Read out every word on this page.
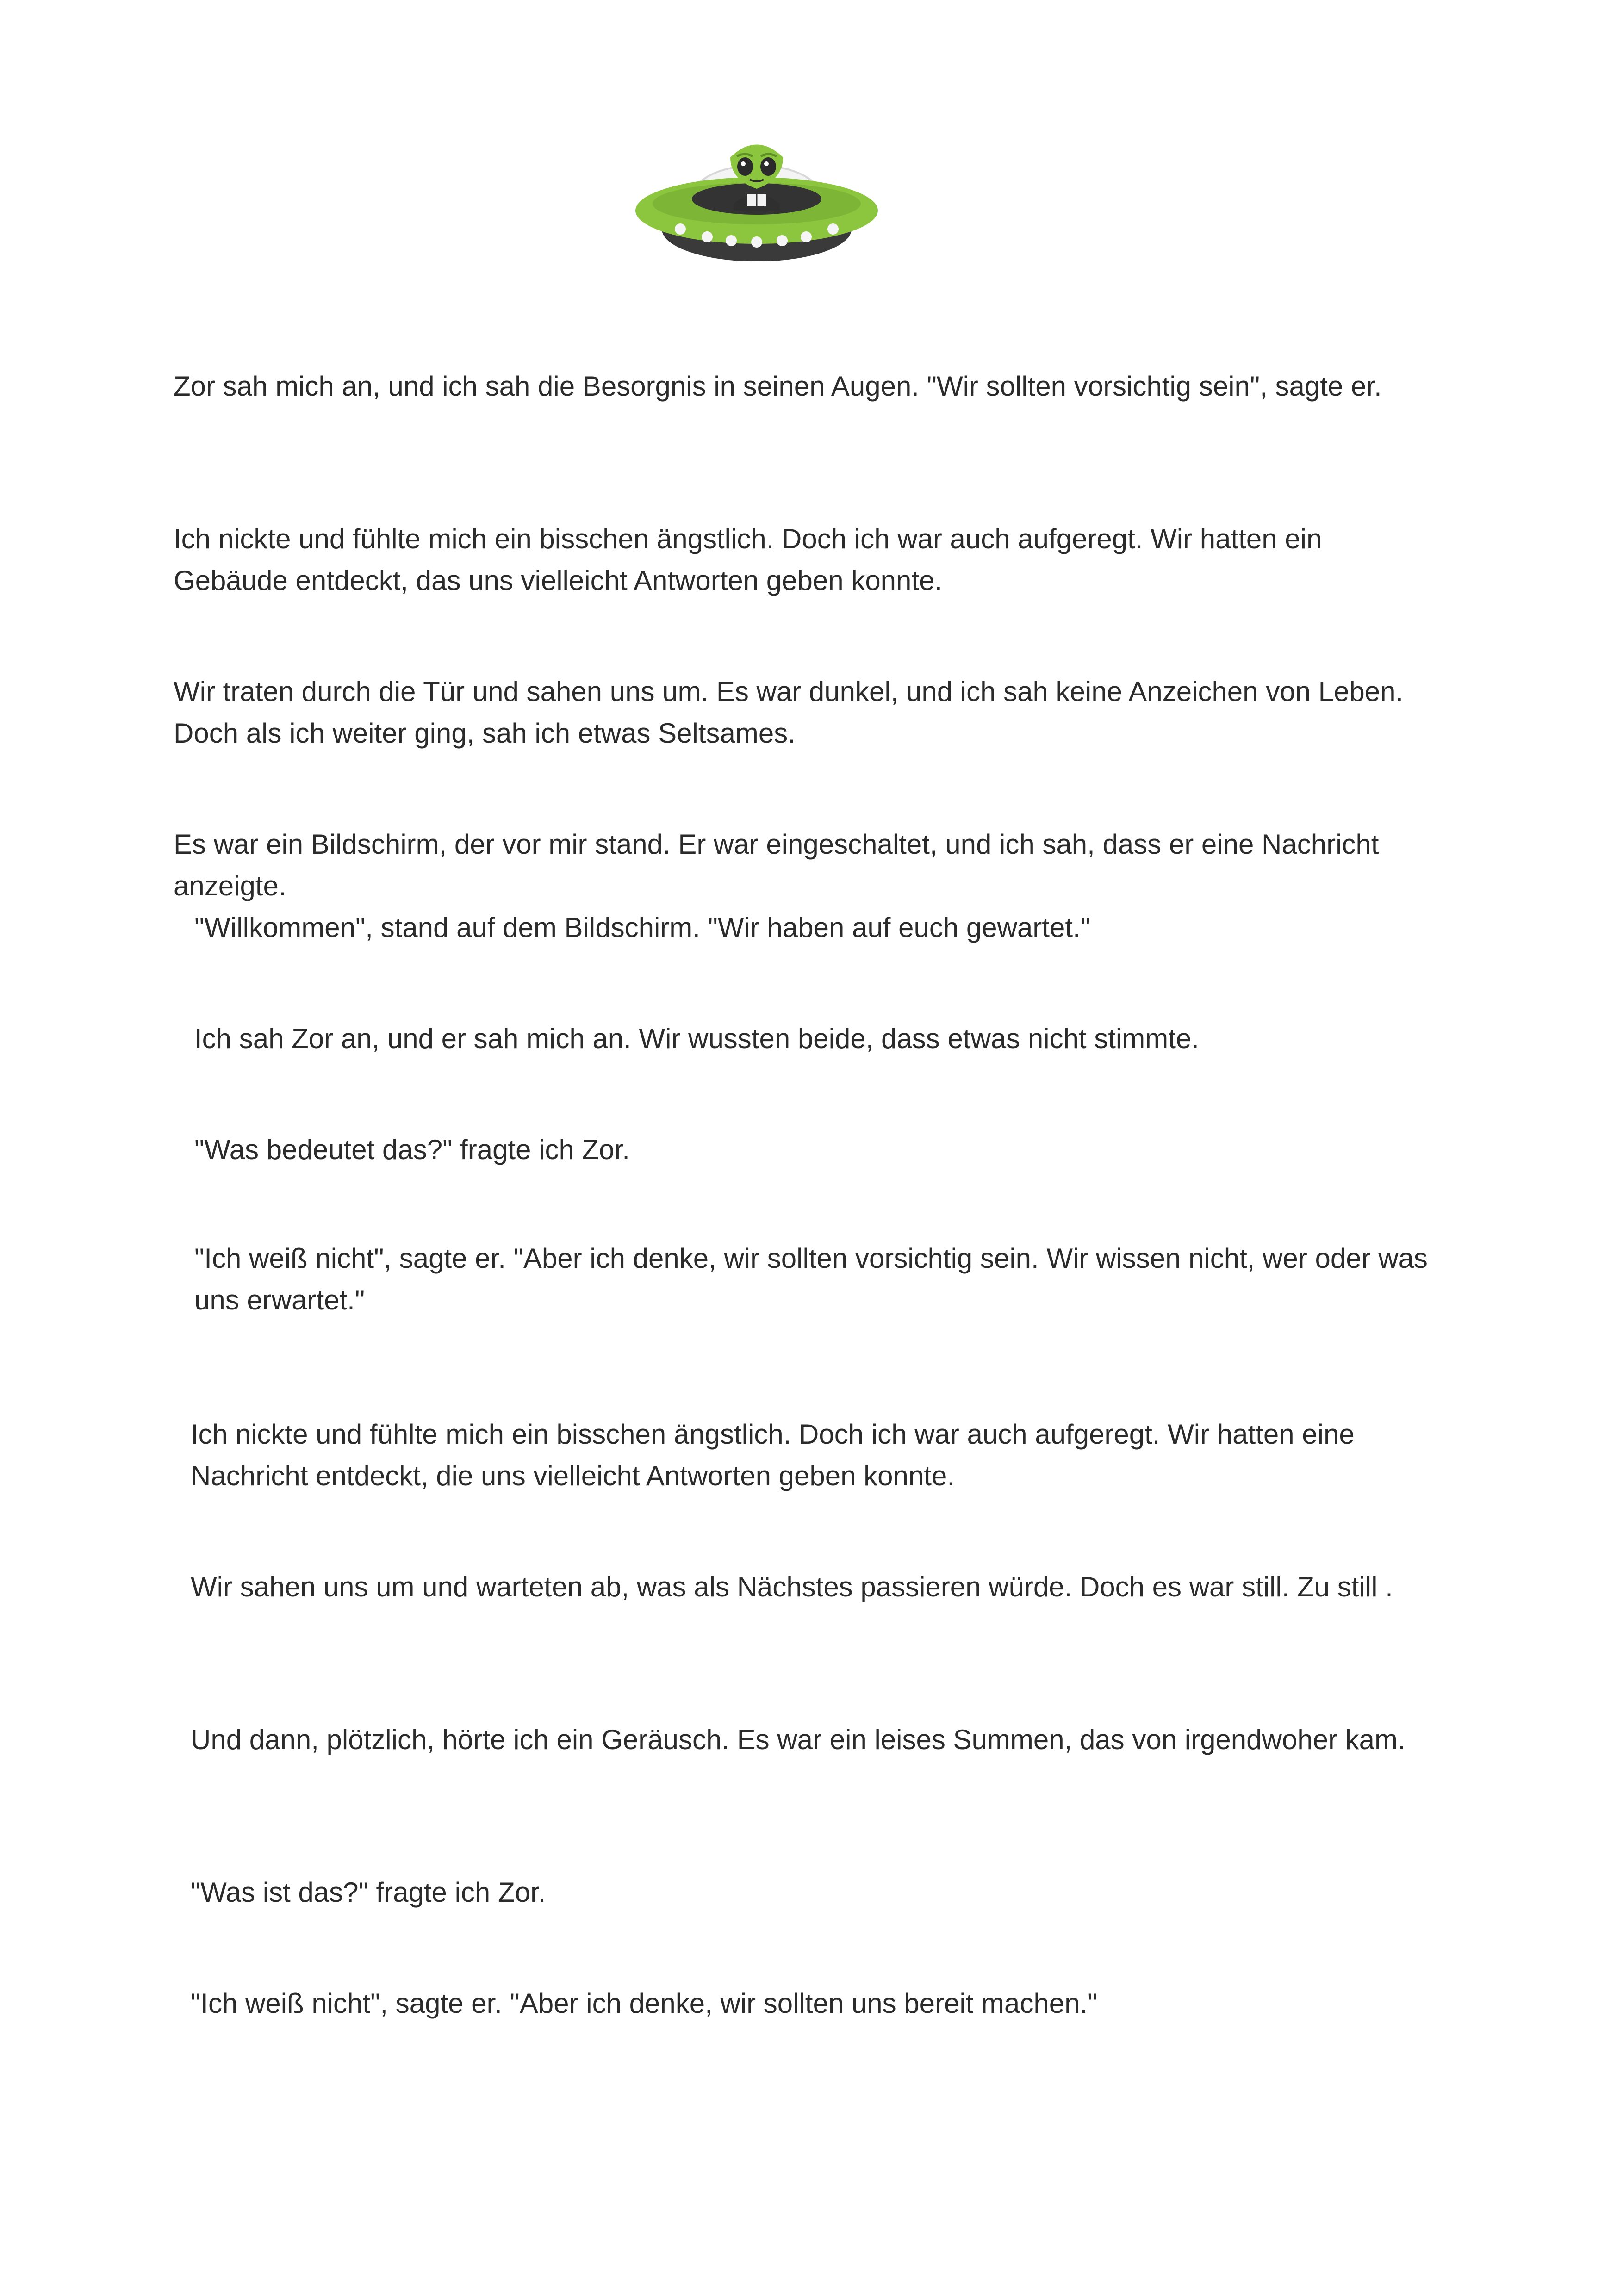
Zor sah mich an, und ich sah die Besorgnis in seinen Augen. "Wir sollten vorsichtig sein", sagte er.

Ich nickte und fühlte mich ein bisschen ängstlich. Doch ich war auch aufgeregt. Wir hatten ein Gebäude entdeckt, das uns vielleicht Antworten geben konnte.

Wir traten durch die Tür und sahen uns um. Es war dunkel, und ich sah keine Anzeichen von Leben. Doch als ich weiter ging, sah ich etwas Seltsames.

Es war ein Bildschirm, der vor mir stand. Er war eingeschaltet, und ich sah, dass er eine Nachricht anzeigte.

"Willkommen", stand auf dem Bildschirm. "Wir haben auf euch gewartet."

Ich sah Zor an, und er sah mich an. Wir wussten beide, dass etwas nicht stimmte.

"Was bedeutet das?" fragte ich Zor.

"Ich weiß nicht", sagte er. "Aber ich denke, wir sollten vorsichtig sein. Wir wissen nicht, wer oder was uns erwartet."

Ich nickte und fühlte mich ein bisschen ängstlich. Doch ich war auch aufgeregt. Wir hatten eine Nachricht entdeckt, die uns vielleicht Antworten geben konnte.

Wir sahen uns um und warteten ab, was als Nächstes passieren würde. Doch es war still. Zu still .

Und dann, plötzlich, hörte ich ein Geräusch. Es war ein leises Summen, das von irgendwoher kam.

"Was ist das?" fragte ich Zor.

"Ich weiß nicht", sagte er. "Aber ich denke, wir sollten uns bereit machen."
